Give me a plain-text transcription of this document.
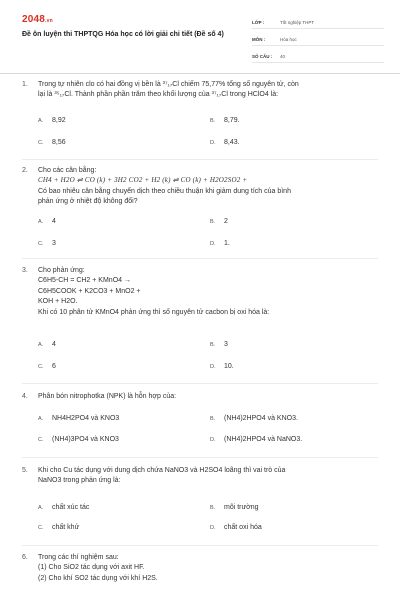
2048.vn
Đề ôn luyện thi THPTQG Hóa học có lời giải chi tiết (Đề số 4)
LỚP :	Tốt nghiệp THPT
MÔN :	Hóa học
SỐ CÂU :	40
1. Trong tự nhiên clo có hai đồng vị bền là ³⁷₁₇Cl chiếm 75,77% tổng số nguyên tử, còn

lại là ³⁵₁₇Cl. Thành phần phần trăm theo khối lượng của ³⁷₁₇Cl trong HClO4 là:

A. 8,92	B. 8,79.
C. 8,56	D. 8,43.
2. Cho các cân bằng:

CH4 + H2O ⇌ CO (k) + 3H2 CO2 + H2 (k) ⇌ CO (k) + H2O2SO2 +

Có bao nhiêu cân bằng chuyển dịch theo chiều thuận khi giảm dung tích của bình

phản ứng ở nhiệt độ không đổi?

A. 4	B. 2
C. 3	D. 1.
3. Cho phản ứng:

C6H5-CH = CH2 + KMnO4 →

C6H5COOK + K2CO3 + MnO2 +

KOH + H2O.

Khi có 10 phân tử KMnO4 phản ứng thì số nguyên tử cacbon bị oxi hóa là:

A. 4	B. 3
C. 6	D. 10.
4. Phân bón nitrophotka (NPK) là hỗn hợp của:

A. NH4H2PO4 và KNO3	B. (NH4)2HPO4 và KNO3.
C. (NH4)3PO4 và KNO3	D. (NH4)2HPO4 và NaNO3.
5. Khi cho Cu tác dụng với dung dịch chứa NaNO3 và H2SO4 loãng thì vai trò của

NaNO3 trong phản ứng là:

A. chất xúc tác	B. môi trường
C. chất khử	D. chất oxi hóa
6. Trong các thí nghiệm sau:

(1) Cho SiO2 tác dụng với axit HF.

(2) Cho khí SO2 tác dụng với khí H2S.
